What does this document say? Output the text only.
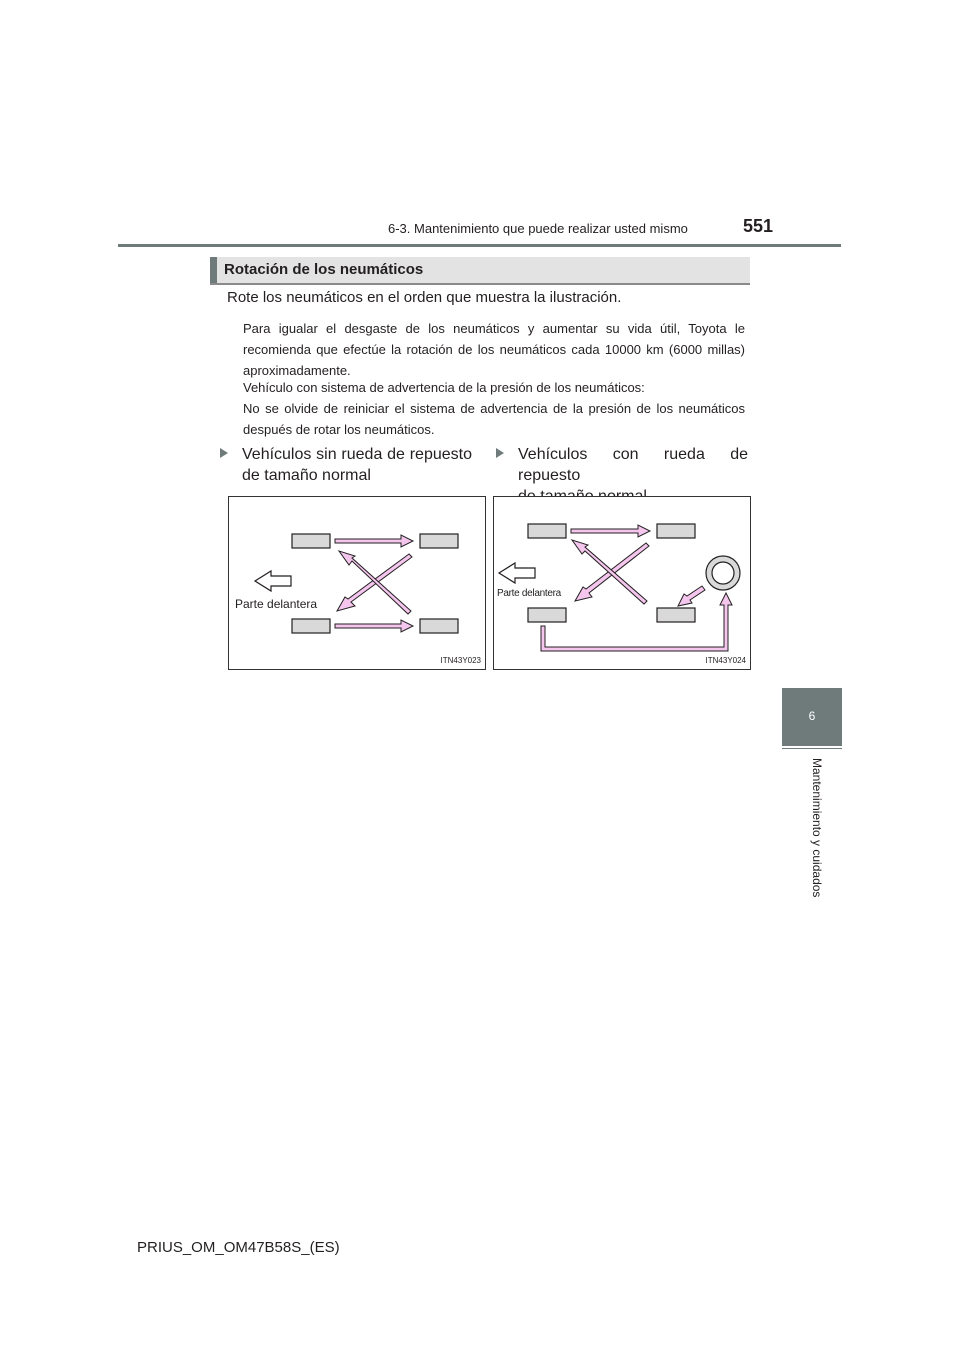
6-3. Mantenimiento que puede realizar usted mismo	551
6
Mantenimiento y cuidados
Rotación de los neumáticos
Rote los neumáticos en el orden que muestra la ilustración.
Para igualar el desgaste de los neumáticos y aumentar su vida útil, Toyota le recomienda que efectúe la rotación de los neumáticos cada 10000 km (6000 millas) aproximadamente.
Vehículo con sistema de advertencia de la presión de los neumáticos:
No se olvide de reiniciar el sistema de advertencia de la presión de los neumáticos después de rotar los neumáticos.
Vehículos sin rueda de repuesto
de tamaño normal
Vehículos con rueda de repuesto
Parte delantera
ITN43Y023
Parte delantera
ITN43Y024
PRIUS_OM_OM47B58S_(ES)
